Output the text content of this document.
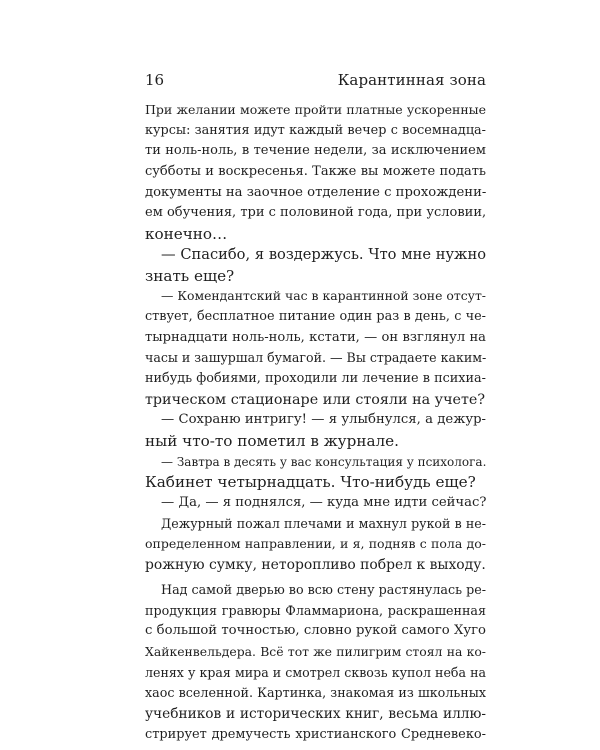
16	Карантинная зона
При желании можете пройти платные ускоренные
курсы: занятия идут каждый вечер с восемнадца-
ти ноль-ноль, в течение недели, за исключением
субботы и воскресенья. Также вы можете подать
документы на заочное отделение с прохождени-
ем обучения, три с половиной года, при условии,
конечно…
— Спасибо, я воздержусь. Что мне нужно
знать еще?
— Комендантский час в карантинной зоне отсут-
ствует, бесплатное питание один раз в день, с че-
тырнадцати ноль-ноль, кстати, — он взглянул на
часы и зашуршал бумагой. — Вы страдаете каким-
нибудь фобиями, проходили ли лечение в психиа-
трическом стационаре или стояли на учете?
— Сохраню интригу! — я улыбнулся, а дежур-
ный что-то пометил в журнале.
— Завтра в десять у вас консультация у психолога.
Кабинет четырнадцать. Что-нибудь еще?
— Да, — я поднялся, — куда мне идти сейчас?
Дежурный пожал плечами и махнул рукой в не-
определенном направлении, и я, подняв с пола до-
рожную сумку, неторопливо побрел к выходу.
Над самой дверью во всю стену растянулась ре-
продукция гравюры Фламмариона, раскрашенная
с большой точностью, словно рукой самого Хуго
Хайкенвельдера. Всё тот же пилигрим стоял на ко-
ленях у края мира и смотрел сквозь купол неба на
хаос вселенной. Картинка, знакомая из школьных
учебников и исторических книг, весьма иллю-
стрирует дремучесть христианского Средневеко-
